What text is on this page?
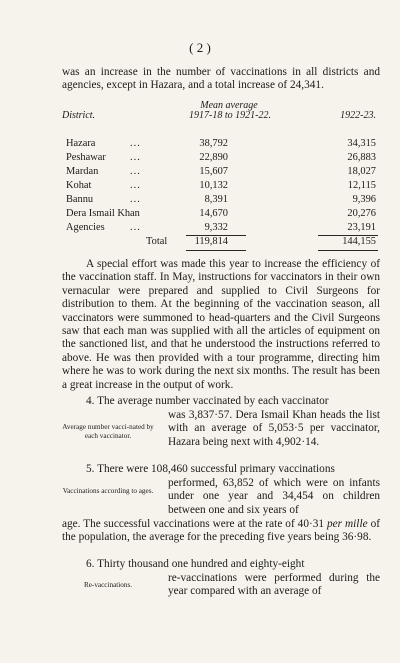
( 2 )
was an increase in the number of vaccinations in all districts and agencies, except in Hazara, and a total increase of 24,341.
District.
Mean average
1917-18 to 1921-22.	1922-23.
Hazara	...	38,792	34,315
Peshawar ...	22,890	26,883
Mardan	...	15,607	18,027
Kohat	...	10,132	12,115
Bannu	...	8,391	9,396
Dera Ismail Khan	14,670	20,276
Agencies ...	9,332	23,191
Total	119,814	144,155
A special effort was made this year to increase the efficiency of the vaccination staff. In May, instructions for vaccinators in their own vernacular were prepared and supplied to Civil Surgeons for distribution to them. At the beginning of the vaccination season, all vaccinators were summoned to head-quarters and the Civil Surgeons saw that each man was supplied with all the articles of equipment on the sanctioned list, and that he understood the instructions referred to above. He was then provided with a tour programme, directing him where he was to work during the next six months. The result has been a great increase in the output of work.
4. The average number vaccinated by each vaccinator
Average number vacci-nated by each vaccinator.
was 3,837·57. Dera Ismail Khan heads the list with an average of 5,053·5 per vaccinator, Hazara being next with 4,902·14.
5. There were 108,460 successful primary vaccinations
Vaccinations according to ages.
performed, 63,852 of which were on infants under one year and 34,454 on children between one and six years of
age. The successful vaccinations were at the rate of 40·31 per mille of the population, the average for the preceding five years being 36·98.
6. Thirty thousand one hundred and eighty-eight
Re-vaccinations.
re-vaccinations were performed during the year compared with an average of
